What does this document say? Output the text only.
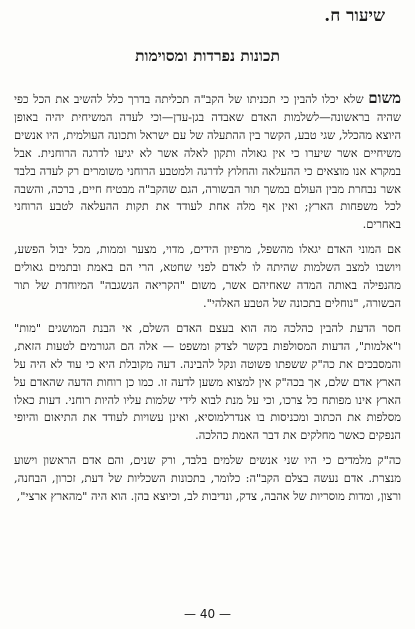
שיעור ח.
תכונות נפרדות ומסוימות

משום שלא יכלו להבין כי תכניתו של הקב"ה תכליתה בדרך כלל להשיב את הכל כפי שהיה בראשונה—לשלמות האדם שאבדה בגן-עדן—וכי לעדה המשיחית יהיה באופן היוצא מהכלל, שגי טבע, הקשר בין ההתעלה של עם ישראל ותכונה העולמית, היו אנשים משיחיים אשר שיערו כי אין גאולה ותקון לאלה אשר לא יגיעו לדרגה הרוחנית. אבל במקרא אנו מוצאים כי ההעלאה והחלוץ לדרגה ולמטבע הרוחני משומרים רק לעדה בלבד אשר נבחרת מבין העולם במשך תור הבשורה, הגם שהקב"ה מבטיח חיים, ברכה, והשבה לכל משפחות הארץ; ואין אף מלה אחת לעודד את תקות ההעלאה לטבע הרוחני באחרים.

אם המוני האדם יגאלו מהשפל, מרפיון הידים, מדוי, מצער וממות, מכל יבול הפשע, ויושבו למצב השלמות שהיתה לו לאדם לפני שחטא, הרי הם באמת ובתמים גאולים מהנפילה באותה המדה שאחיהם אשר, משום "הקריאה הנשגבה" המיוחדת של תור הבשורה, "נוחלים בתכונה של הטבע האלהי".

חסר הדעת להבין כהלכה מה הוא בעצם האדם השלם, אי הבנת המושגים "מות" ו"אלמות", הדעות המסולפות בקשר לצדק ומשפט — אלה הם הגורמים לטעות הזאת, והמסבכים את כה"ק ששפתו פשוטה ונקל להבינה. דעה מקובלת היא כי עוד לא היה על הארץ אדם שלם, אך בכה"ק אין למצוא משען לדעה זו. כמו כן רוחות הדעה שהאדם על הארץ אינו מפותח כל צרכו, וכי על מנת לבוא לידי שלמות עליו להיות רוחני. דעות כאלו מסלפות את הכתוב ומכניסות בו אנדרלמוסיא, ואינן עשויות לעודד את התיאום והיופי הנפקים כאשר מחלקים את דבר האמת כהלכה.

כה"ק מלמדים כי היו שני אנשים שלמים בלבד, ורק שנים, והם אדם הראשון וישוע מנצרת. אדם נעשה בצלם הקב"ה: כלומר, בתכונות השכליות של דעת, זכרון, הבחנה, ורצון, ומדות מוסריות של אהבה, צדק, ונדיבות לב, וכיוצא בהן. הוא היה "מהארץ ארצי",

— 40 —
